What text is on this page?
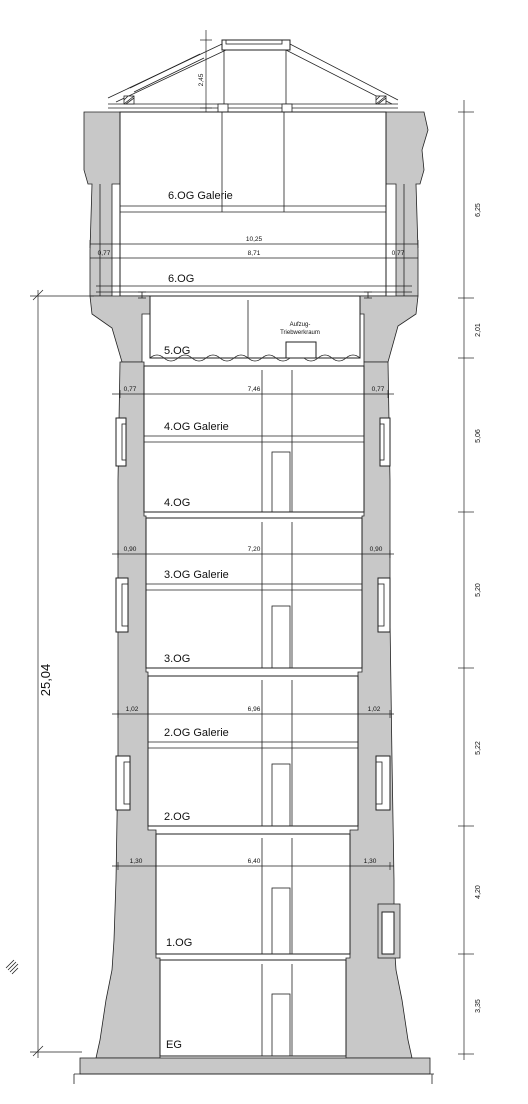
2,45
10,25
0,77	8,71	0,77
Aufzug-
Triebwerkraum
6.OG Galerie
6.OG
5.OG
4.OG Galerie
4.OG
3.OG Galerie
3.OG
2.OG Galerie
2.OG
1.OG
EG
0,77	7,46	0,77
0,90	7,20	0,90
1,02	6,96	1,02
1,30	6,40	1,30
25,04
6,25
2,01
5,06
5,20
5,22
4,20
3,35
